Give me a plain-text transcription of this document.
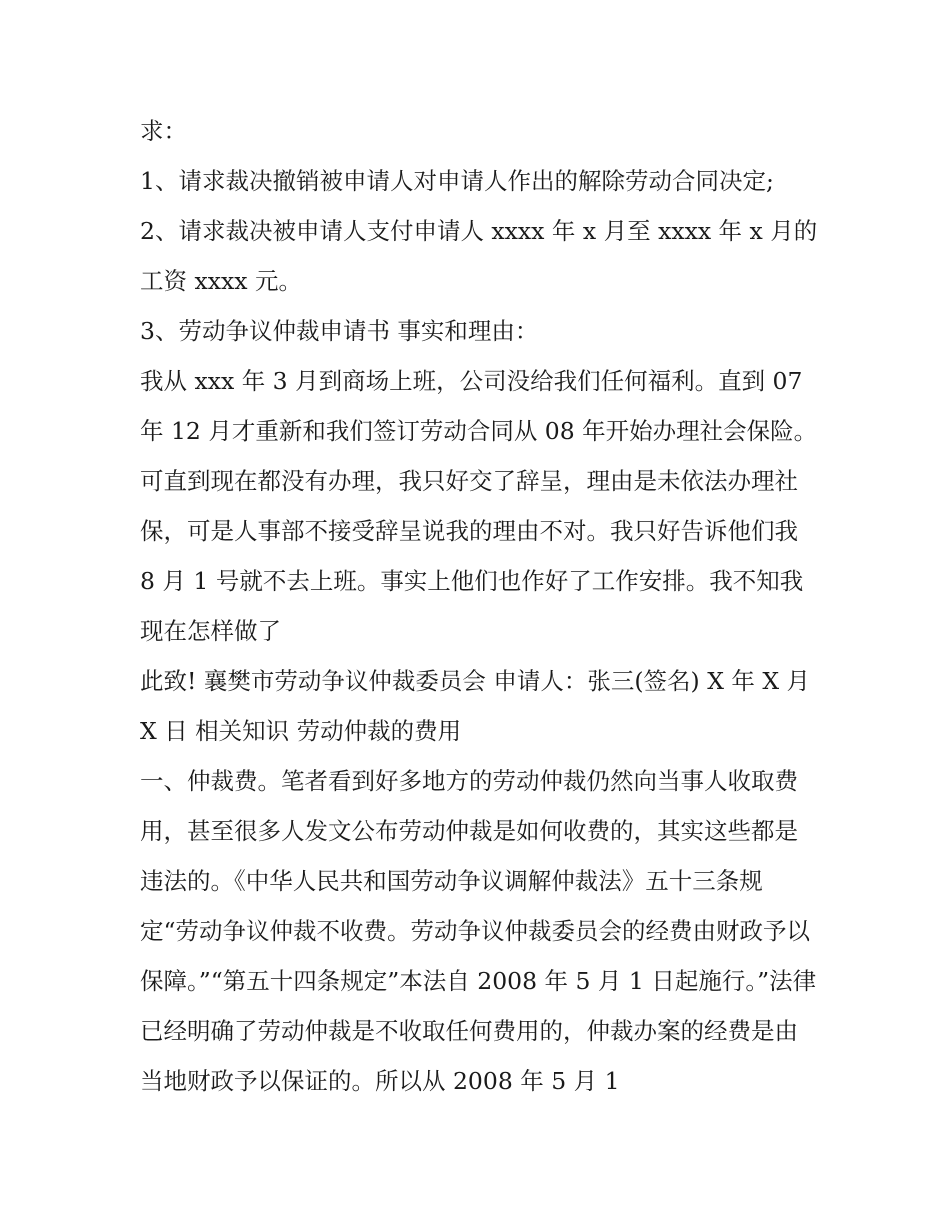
求：

1、请求裁决撤销被申请人对申请人作出的解除劳动合同决定;

2、请求裁决被申请人支付申请人 xxxx 年 x 月至 xxxx 年 x 月的工资 xxxx 元。

3、劳动争议仲裁申请书 事实和理由：

我从 xxx 年 3 月到商场上班，公司没给我们任何福利。直到 07 年 12 月才重新和我们签订劳动合同从 08 年开始办理社会保险。可直到现在都没有办理，我只好交了辞呈，理由是未依法办理社保，可是人事部不接受辞呈说我的理由不对。我只好告诉他们我 8 月 1 号就不去上班。事实上他们也作好了工作安排。我不知我现在怎样做了

此致! 襄樊市劳动争议仲裁委员会 申请人：张三(签名) X 年 X 月 X 日 相关知识 劳动仲裁的费用

一、仲裁费。笔者看到好多地方的劳动仲裁仍然向当事人收取费用，甚至很多人发文公布劳动仲裁是如何收费的，其实这些都是违法的。《中华人民共和国劳动争议调解仲裁法》五十三条规定“劳动争议仲裁不收费。劳动争议仲裁委员会的经费由财政予以保障。”“第五十四条规定”本法自 2008 年 5 月 1 日起施行。”法律已经明确了劳动仲裁是不收取任何费用的，仲裁办案的经费是由当地财政予以保证的。所以从 2008 年 5 月 1
